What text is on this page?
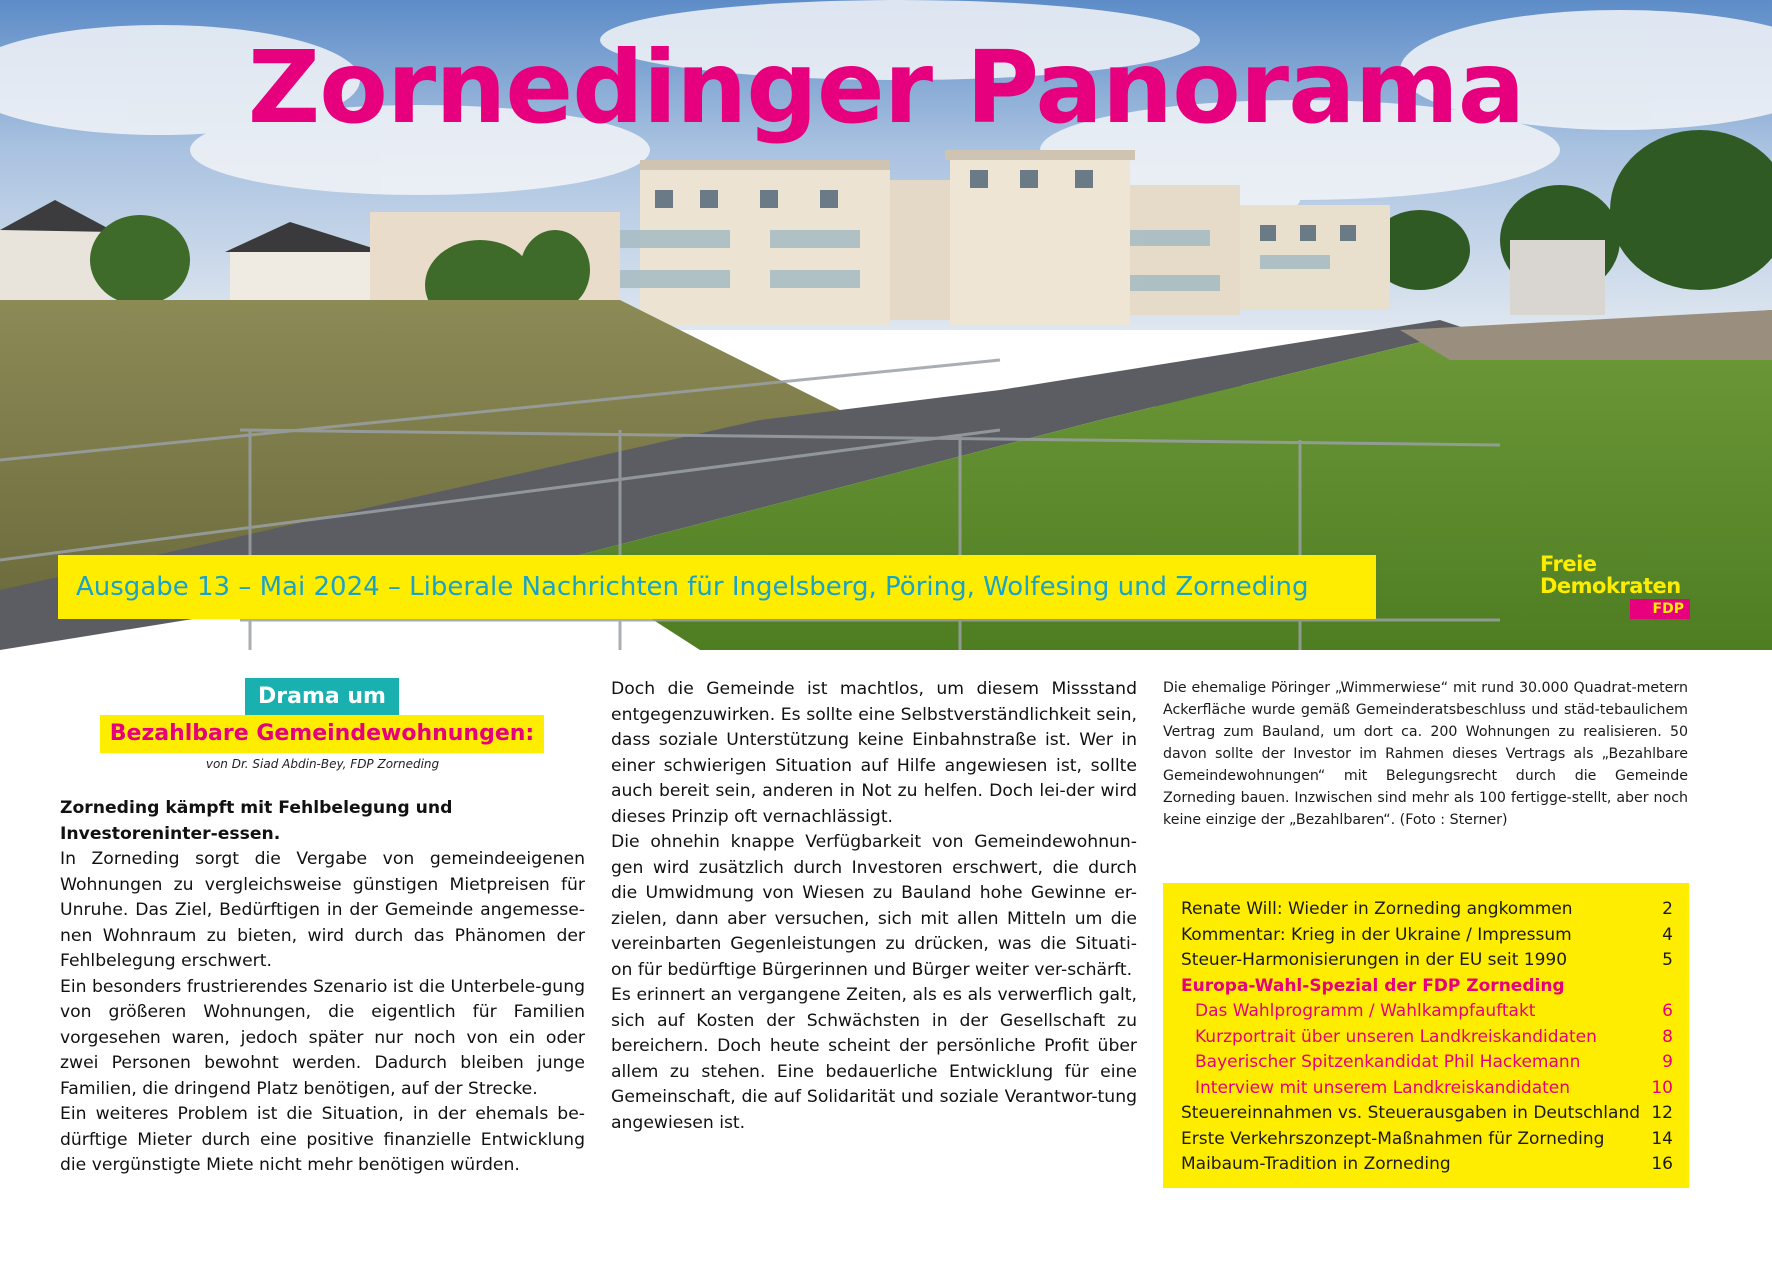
Zornedinger Panorama
Ausgabe 13 – Mai 2024 – Liberale Nachrichten für Ingelsberg, Pöring, Wolfesing und Zorneding
Freie
Demokraten
FDP
Drama um
Bezahlbare Gemeindewohnungen:
von Dr. Siad Abdin-Bey, FDP Zorneding

Zorneding kämpft mit Fehlbelegung und Investoreninter-essen.

In Zorneding sorgt die Vergabe von gemeindeeigenen Wohnungen zu vergleichsweise günstigen Mietpreisen für Unruhe. Das Ziel, Bedürftigen in der Gemeinde angemesse-nen Wohnraum zu bieten, wird durch das Phänomen der Fehlbelegung erschwert.

Ein besonders frustrierendes Szenario ist die Unterbele-gung von größeren Wohnungen, die eigentlich für Familien vorgesehen waren, jedoch später nur noch von ein oder zwei Personen bewohnt werden. Dadurch bleiben junge Familien, die dringend Platz benötigen, auf der Strecke.

Ein weiteres Problem ist die Situation, in der ehemals be-dürftige Mieter durch eine positive finanzielle Entwicklung die vergünstigte Miete nicht mehr benötigen würden.

Doch die Gemeinde ist machtlos, um diesem Missstand entgegenzuwirken. Es sollte eine Selbstverständlichkeit sein, dass soziale Unterstützung keine Einbahnstraße ist. Wer in einer schwierigen Situation auf Hilfe angewiesen ist, sollte auch bereit sein, anderen in Not zu helfen. Doch lei-der wird dieses Prinzip oft vernachlässigt.

Die ohnehin knappe Verfügbarkeit von Gemeindewohnun-gen wird zusätzlich durch Investoren erschwert, die durch die Umwidmung von Wiesen zu Bauland hohe Gewinne er-zielen, dann aber versuchen, sich mit allen Mitteln um die vereinbarten Gegenleistungen zu drücken, was die Situati-on für bedürftige Bürgerinnen und Bürger weiter ver-schärft.

Es erinnert an vergangene Zeiten, als es als verwerflich galt, sich auf Kosten der Schwächsten in der Gesellschaft zu bereichern. Doch heute scheint der persönliche Profit über allem zu stehen. Eine bedauerliche Entwicklung für eine Gemeinschaft, die auf Solidarität und soziale Verantwor-tung angewiesen ist.

Die ehemalige Pöringer „Wimmerwiese“ mit rund 30.000 Quadrat-metern Ackerfläche wurde gemäß Gemeinderatsbeschluss und städ-tebaulichem Vertrag zum Bauland, um dort ca. 200 Wohnungen zu realisieren. 50 davon sollte der Investor im Rahmen dieses Vertrags als „Bezahlbare Gemeindewohnungen“ mit Belegungsrecht durch die Gemeinde Zorneding bauen. Inzwischen sind mehr als 100 fertigge-stellt, aber noch keine einzige der „Bezahlbaren“. (Foto : Sterner)

Renate Will: Wieder in Zorneding angkommen	2
Kommentar: Krieg in der Ukraine / Impressum	4
Steuer-Harmonisierungen in der EU seit 1990	5
Europa-Wahl-Spezial der FDP Zorneding
Das Wahlprogramm / Wahlkampfauftakt	6
Kurzportrait über unseren Landkreiskandidaten	8
Bayerischer Spitzenkandidat Phil Hackemann	9
Interview mit unserem Landkreiskandidaten	10
Steuereinnahmen vs. Steuerausgaben in Deutschland 12
Erste Verkehrszonzept-Maßnahmen für Zorneding	14
Maibaum-Tradition in Zorneding	16
